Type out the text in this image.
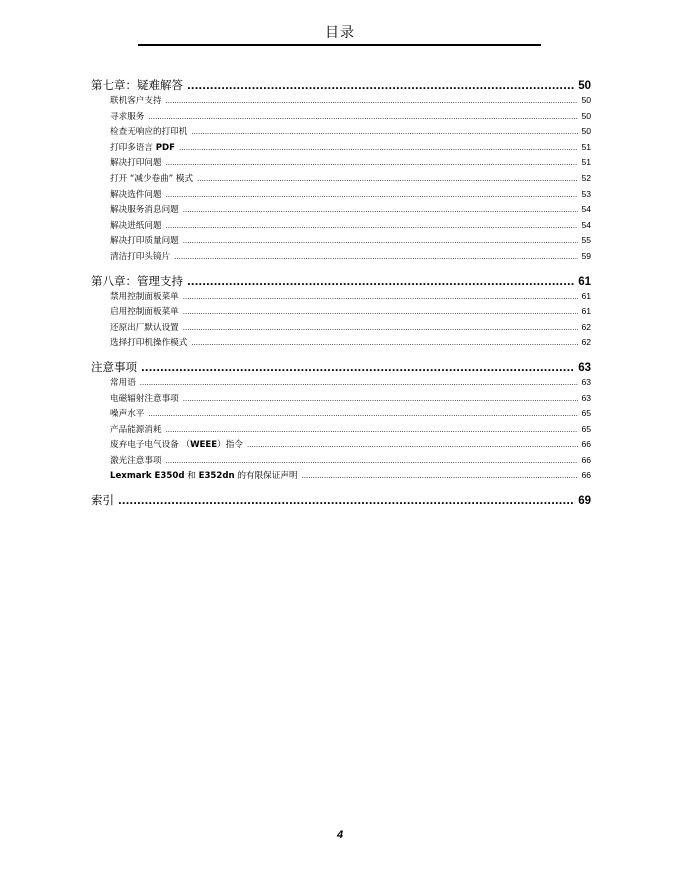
目录
第七章：疑难解答 .....	50
联机客户支持 .....	50
寻求服务 .....	50
检查无响应的打印机 .....	50
打印多语言 PDF .....	51
解决打印问题 .....	51
打开 “减少卷曲” 模式 .....	52
解决选件问题 .....	53
解决服务消息问题 .....	54
解决进纸问题 .....	54
解决打印质量问题 .....	55
清洁打印头镜片 .....	59
第八章：管理支持 .....	61
禁用控制面板菜单 .....	61
启用控制面板菜单 .....	61
还原出厂默认设置 .....	62
选择打印机操作模式 .....	62
注意事项 .....	63
常用语 .....	63
电磁辐射注意事项 .....	63
噪声水平 .....	65
产品能源消耗 .....	65
废弃电子电气设备 （WEEE）指令 .....	66
激光注意事项 .....	66
Lexmark E350d 和 E352dn 的有限保证声明 .....	66
索引 .....	69
4
